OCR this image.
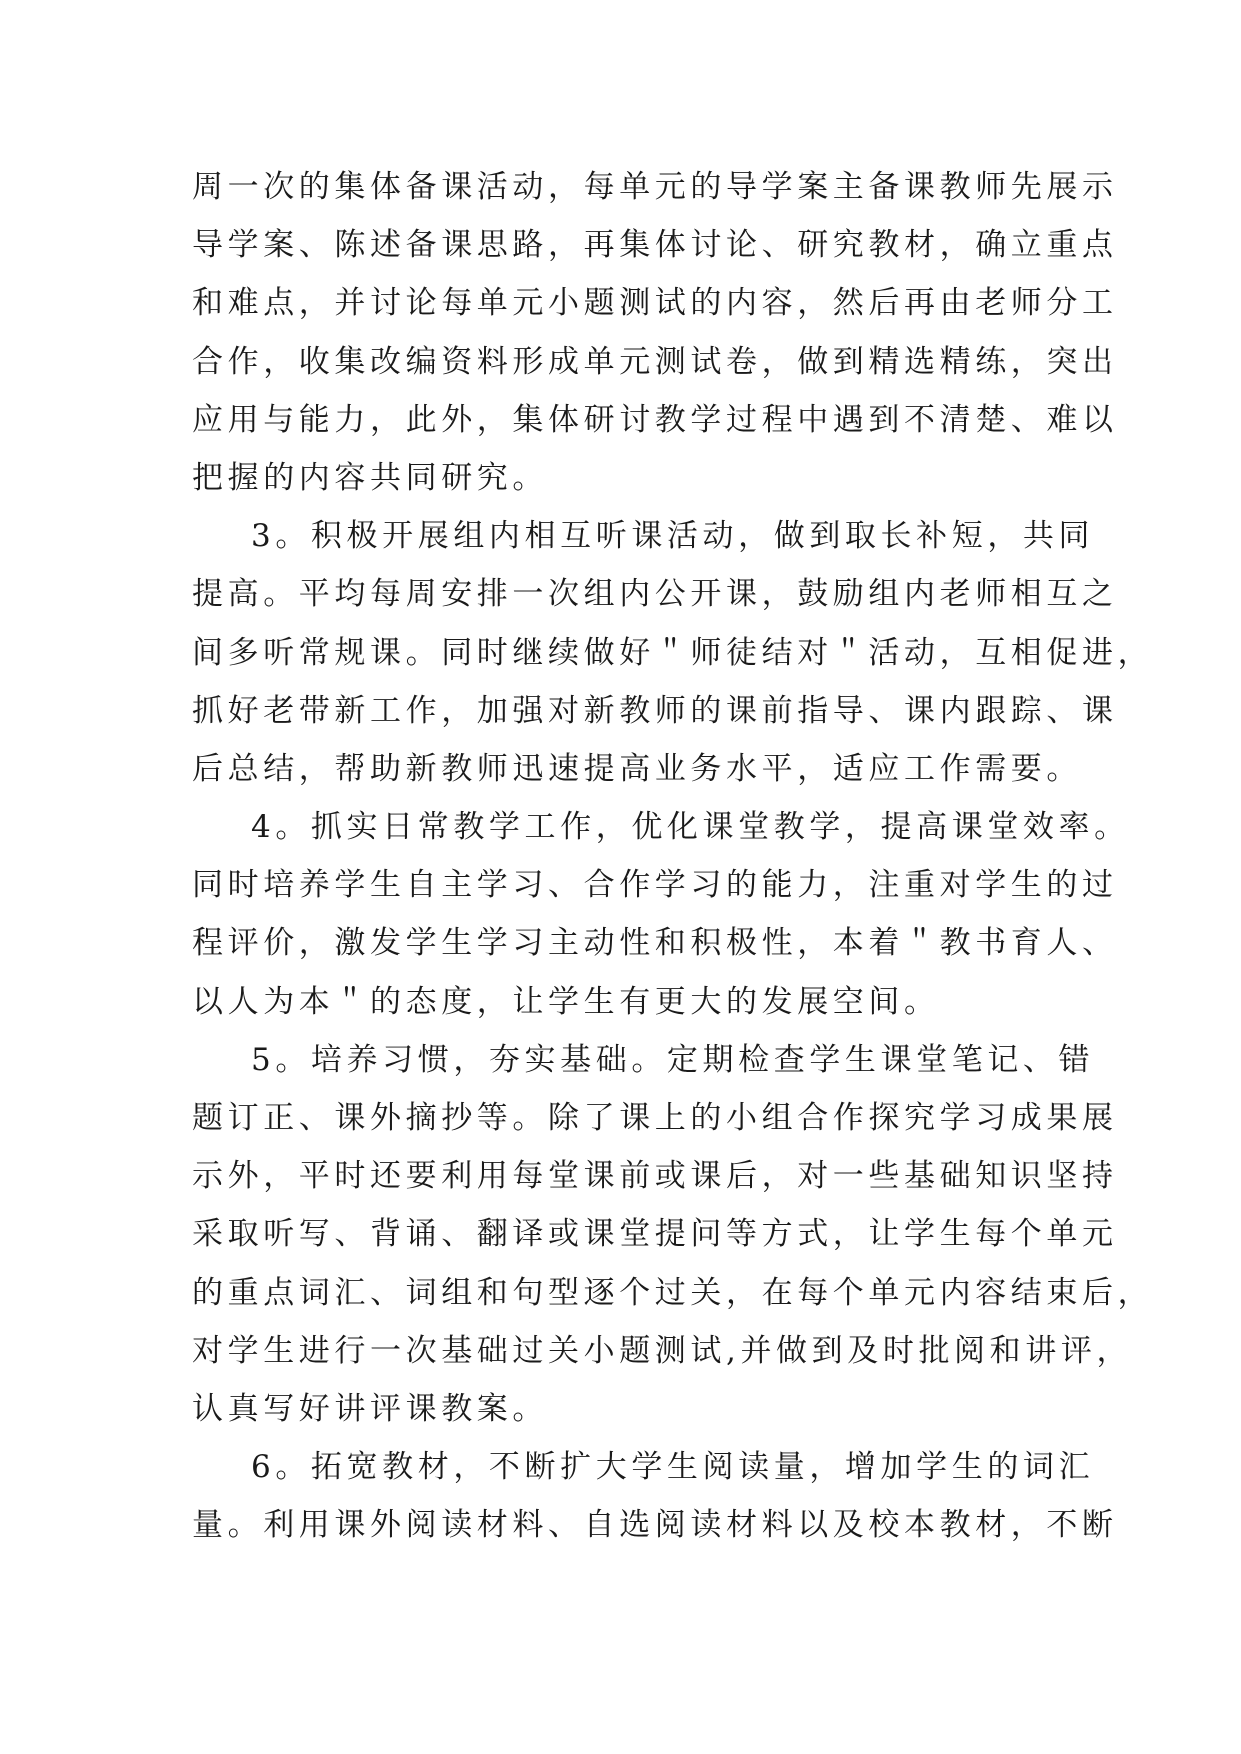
周一次的集体备课活动，每单元的导学案主备课教师先展示
导学案、陈述备课思路，再集体讨论、研究教材，确立重点
和难点，并讨论每单元小题测试的内容，然后再由老师分工
合作，收集改编资料形成单元测试卷，做到精选精练，突出
应用与能力，此外，集体研讨教学过程中遇到不清楚、难以
把握的内容共同研究。
3。积极开展组内相互听课活动，做到取长补短，共同
提高。平均每周安排一次组内公开课，鼓励组内老师相互之
间多听常规课。同时继续做好＂师徒结对＂活动，互相促进，
抓好老带新工作，加强对新教师的课前指导、课内跟踪、课
后总结，帮助新教师迅速提高业务水平，适应工作需要。
4。抓实日常教学工作，优化课堂教学，提高课堂效率。
同时培养学生自主学习、合作学习的能力，注重对学生的过
程评价，激发学生学习主动性和积极性，本着＂教书育人、
以人为本＂的态度，让学生有更大的发展空间。
5。培养习惯，夯实基础。定期检查学生课堂笔记、错
题订正、课外摘抄等。除了课上的小组合作探究学习成果展
示外，平时还要利用每堂课前或课后，对一些基础知识坚持
采取听写、背诵、翻译或课堂提问等方式，让学生每个单元
的重点词汇、词组和句型逐个过关，在每个单元内容结束后，
对学生进行一次基础过关小题测试,并做到及时批阅和讲评，
认真写好讲评课教案。
6。拓宽教材，不断扩大学生阅读量，增加学生的词汇
量。利用课外阅读材料、自选阅读材料以及校本教材，不断
